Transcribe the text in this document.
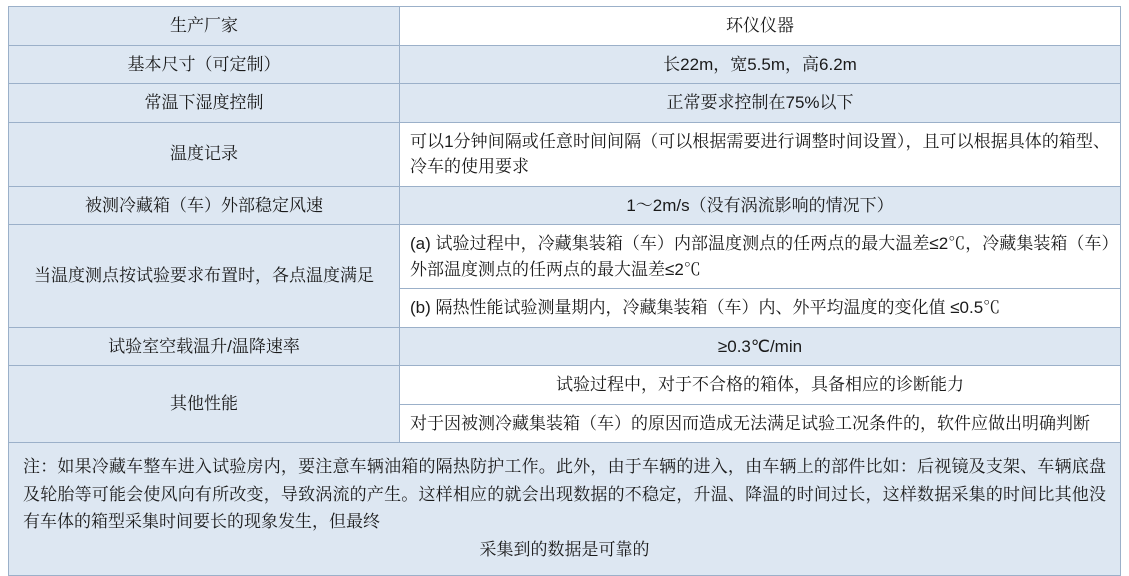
生产厂家	环仪仪器
基本尺寸（可定制）	长22m，宽5.5m，高6.2m
常温下湿度控制	正常要求控制在75%以下
温度记录	可以1分钟间隔或任意时间间隔（可以根据需要进行调整时间设置），且可以根据具体的箱型、冷车的使用要求
被测冷藏箱（车）外部稳定风速	1～2m/s（没有涡流影响的情况下）
当温度测点按试验要求布置时，各点温度满足	(a) 试验过程中，冷藏集装箱（车）内部温度测点的任两点的最大温差≤2℃，冷藏集装箱（车）外部温度测点的任两点的最大温差≤2℃
	(b) 隔热性能试验测量期内，冷藏集装箱（车）内、外平均温度的变化值 ≤0.5℃
试验室空载温升/温降速率	≥0.3℃/min
其他性能	试验过程中，对于不合格的箱体，具备相应的诊断能力
	对于因被测冷藏集装箱（车）的原因而造成无法满足试验工况条件的，软件应做出明确判断

注：如果冷藏车整车进入试验房内，要注意车辆油箱的隔热防护工作。此外，由于车辆的进入，由车辆上的部件比如：后视镜及支架、车辆底盘及轮胎等可能会使风向有所改变，导致涡流的产生。这样相应的就会出现数据的不稳定，升温、降温的时间过长，这样数据采集的时间比其他没有车体的箱型采集时间要长的现象发生，但最终
采集到的数据是可靠的	
